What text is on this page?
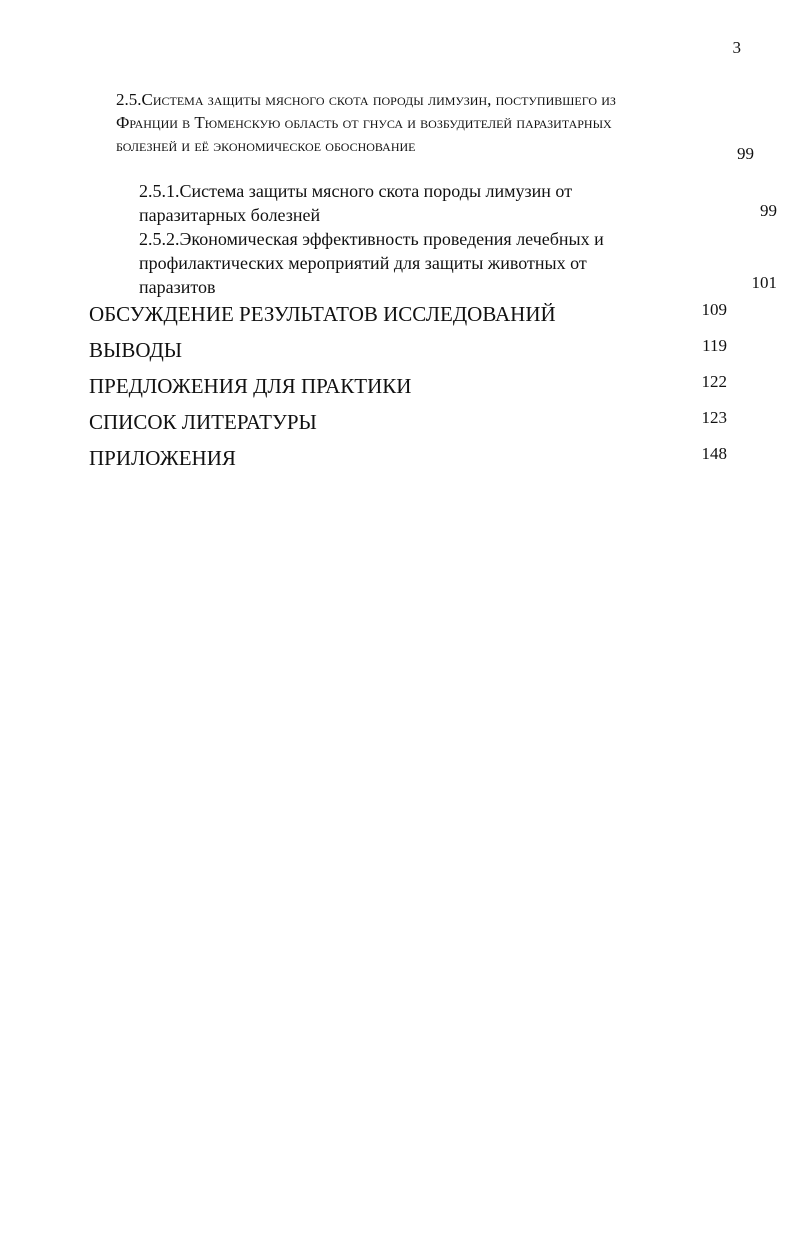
3
2.5.Система защиты мясного скота породы лимузин, поступившего из Франции в Тюменскую область от гнуса и возбудителей паразитарных болезней и её экономическое обоснование	99
2.5.1.Система защиты мясного скота породы лимузин от паразитарных болезней	99
2.5.2.Экономическая эффективность проведения лечебных и профилактических мероприятий для защиты животных от паразитов	101
ОБСУЖДЕНИЕ РЕЗУЛЬТАТОВ ИССЛЕДОВАНИЙ	109
ВЫВОДЫ	119
ПРЕДЛОЖЕНИЯ ДЛЯ ПРАКТИКИ	122
СПИСОК ЛИТЕРАТУРЫ	123
ПРИЛОЖЕНИЯ	148
